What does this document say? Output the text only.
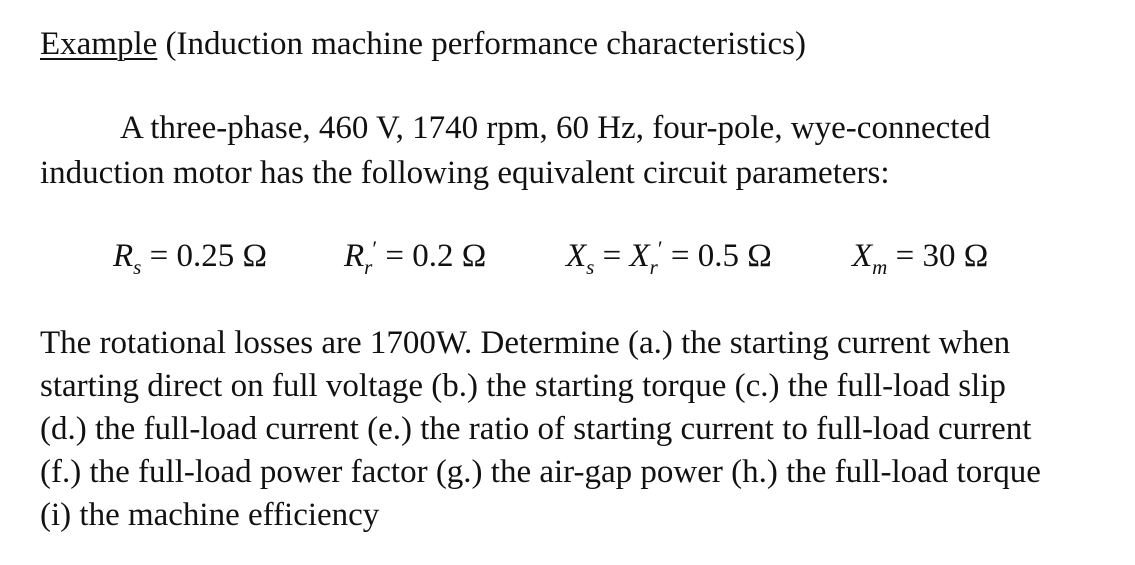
Example (Induction machine performance characteristics)
A three-phase, 460 V, 1740 rpm, 60 Hz, four-pole, wye-connected
induction motor has the following equivalent circuit parameters:
$R_s = 0.25$ Ω $R_r' = 0.2$ Ω $X_s = X_r' = 0.5$ Ω $X_m = 30$ Ω
The rotational losses are 1700W. Determine (a.) the starting current when
starting direct on full voltage (b.) the starting torque (c.) the full-load slip
(d.) the full-load current (e.) the ratio of starting current to full-load current
(f.) the full-load power factor (g.) the air-gap power (h.) the full-load torque
(i) the machine efficiency
